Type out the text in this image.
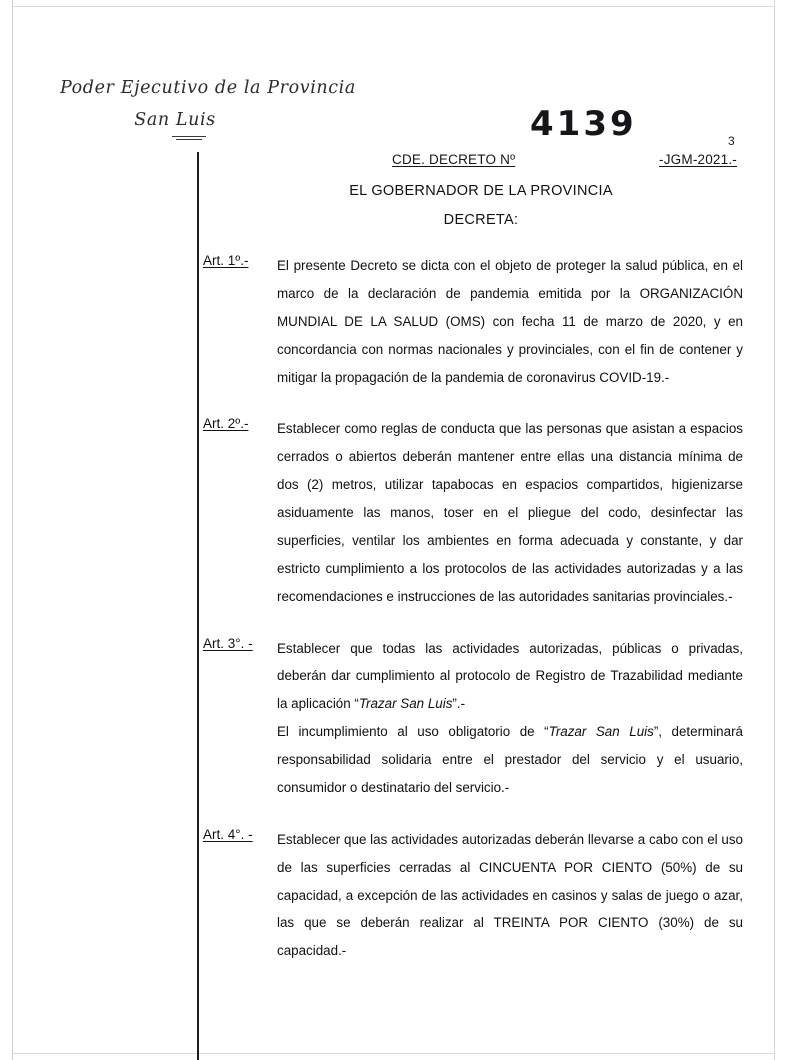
Poder Ejecutivo de la Provincia
San Luis	4139	3
-JGM-2021.-
CDE. DECRETO Nº
EL GOBERNADOR DE LA PROVINCIA
DECRETA:
Art. 1º.-	El presente Decreto se dicta con el objeto de proteger la salud pública, en el marco de la declaración de pandemia emitida por la ORGANIZACIÓN MUNDIAL DE LA SALUD (OMS) con fecha 11 de marzo de 2020, y en concordancia con normas nacionales y provinciales, con el fin de contener y mitigar la propagación de la pandemia de coronavirus COVID-19.-

Art. 2º.-	Establecer como reglas de conducta que las personas que asistan a espacios cerrados o abiertos deberán mantener entre ellas una distancia mínima de dos (2) metros, utilizar tapabocas en espacios compartidos, higienizarse asiduamente las manos, toser en el pliegue del codo, desinfectar las superficies, ventilar los ambientes en forma adecuada y constante, y dar estricto cumplimiento a los protocolos de las actividades autorizadas y a las recomendaciones e instrucciones de las autoridades sanitarias provinciales.-

Art. 3°. -	Establecer que todas las actividades autorizadas, públicas o privadas, deberán dar cumplimiento al protocolo de Registro de Trazabilidad mediante la aplicación “Trazar San Luis”.-

El incumplimiento al uso obligatorio de “Trazar San Luis”, determinará responsabilidad solidaria entre el prestador del servicio y el usuario, consumidor o destinatario del servicio.-

Art. 4°. -	Establecer que las actividades autorizadas deberán llevarse a cabo con el uso de las superficies cerradas al CINCUENTA POR CIENTO (50%) de su capacidad, a excepción de las actividades en casinos y salas de juego o azar, las que se deberán realizar al TREINTA POR CIENTO (30%) de su capacidad.-
